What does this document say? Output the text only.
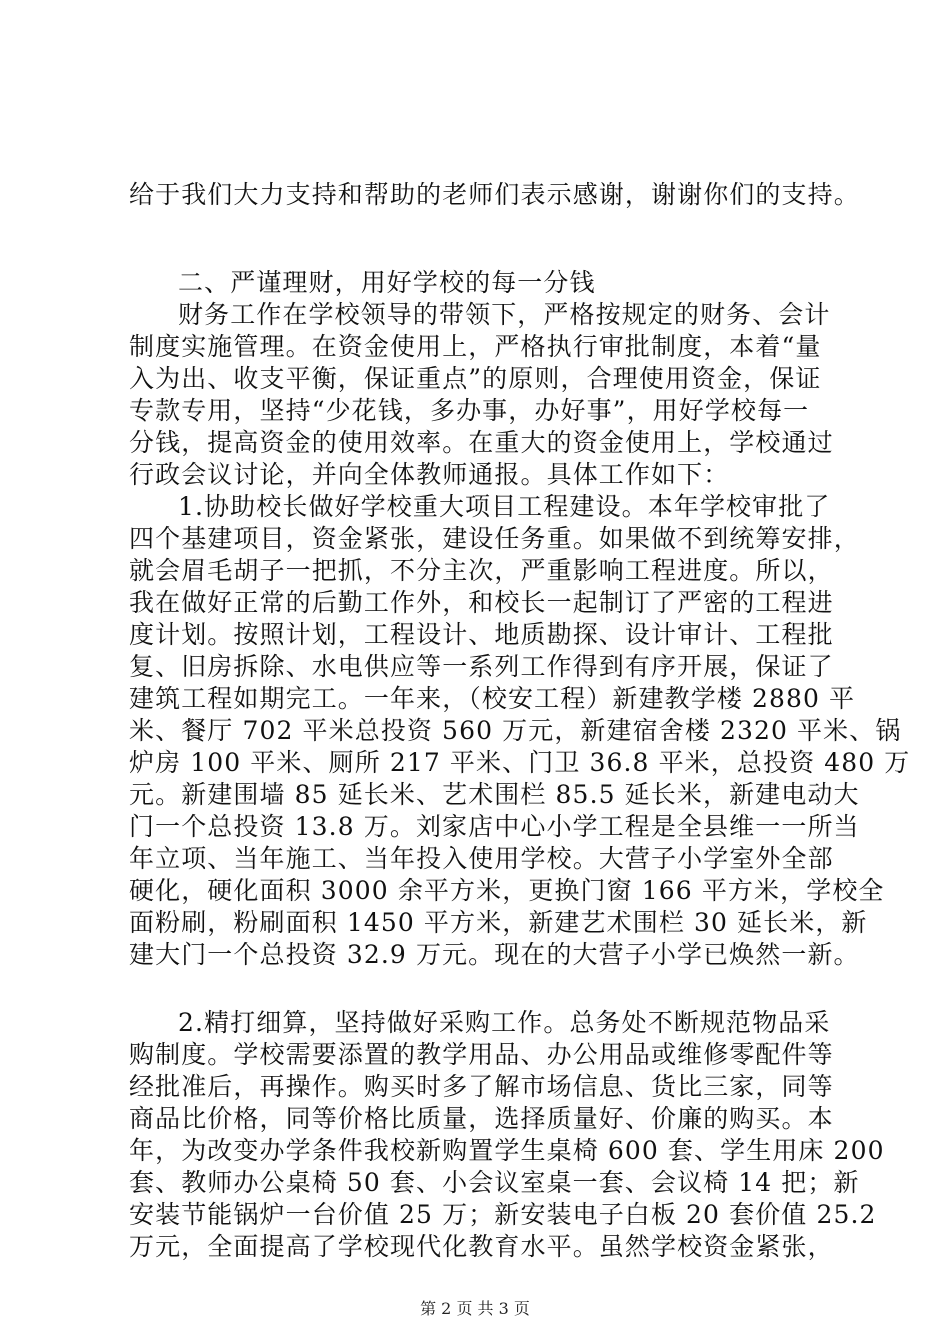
给于我们大力支持和帮助的老师们表示感谢，谢谢你们的支持。
二、严谨理财，用好学校的每一分钱
财务工作在学校领导的带领下，严格按规定的财务、会计
制度实施管理。在资金使用上，严格执行审批制度，本着“量
入为出、收支平衡，保证重点”的原则，合理使用资金，保证
专款专用，坚持“少花钱，多办事，办好事”，用好学校每一
分钱，提高资金的使用效率。在重大的资金使用上，学校通过
行政会议讨论，并向全体教师通报。具体工作如下：
1.协助校长做好学校重大项目工程建设。本年学校审批了
四个基建项目，资金紧张，建设任务重。如果做不到统筹安排，
就会眉毛胡子一把抓，不分主次，严重影响工程进度。所以，
我在做好正常的后勤工作外，和校长一起制订了严密的工程进
度计划。按照计划，工程设计、地质勘探、设计审计、工程批
复、旧房拆除、水电供应等一系列工作得到有序开展，保证了
建筑工程如期完工。一年来，（校安工程）新建教学楼 2880 平
米、餐厅 702 平米总投资 560 万元，新建宿舍楼 2320 平米、锅
炉房 100 平米、厕所 217 平米、门卫 36.8 平米，总投资 480 万
元。新建围墙 85 延长米、艺术围栏 85.5 延长米，新建电动大
门一个总投资 13.8 万。刘家店中心小学工程是全县维一一所当
年立项、当年施工、当年投入使用学校。大营子小学室外全部
硬化，硬化面积 3000 余平方米，更换门窗 166 平方米，学校全
面粉刷，粉刷面积 1450 平方米，新建艺术围栏 30 延长米，新
建大门一个总投资 32.9 万元。现在的大营子小学已焕然一新。
2.精打细算，坚持做好采购工作。总务处不断规范物品采
购制度。学校需要添置的教学用品、办公用品或维修零配件等
经批准后，再操作。购买时多了解市场信息、货比三家，同等
商品比价格，同等价格比质量，选择质量好、价廉的购买。本
年，为改变办学条件我校新购置学生桌椅 600 套、学生用床 200
套、教师办公桌椅 50 套、小会议室桌一套、会议椅 14 把；新
安装节能锅炉一台价值 25 万；新安装电子白板 20 套价值 25.2
万元，全面提高了学校现代化教育水平。虽然学校资金紧张，
第 2 页 共 3 页
